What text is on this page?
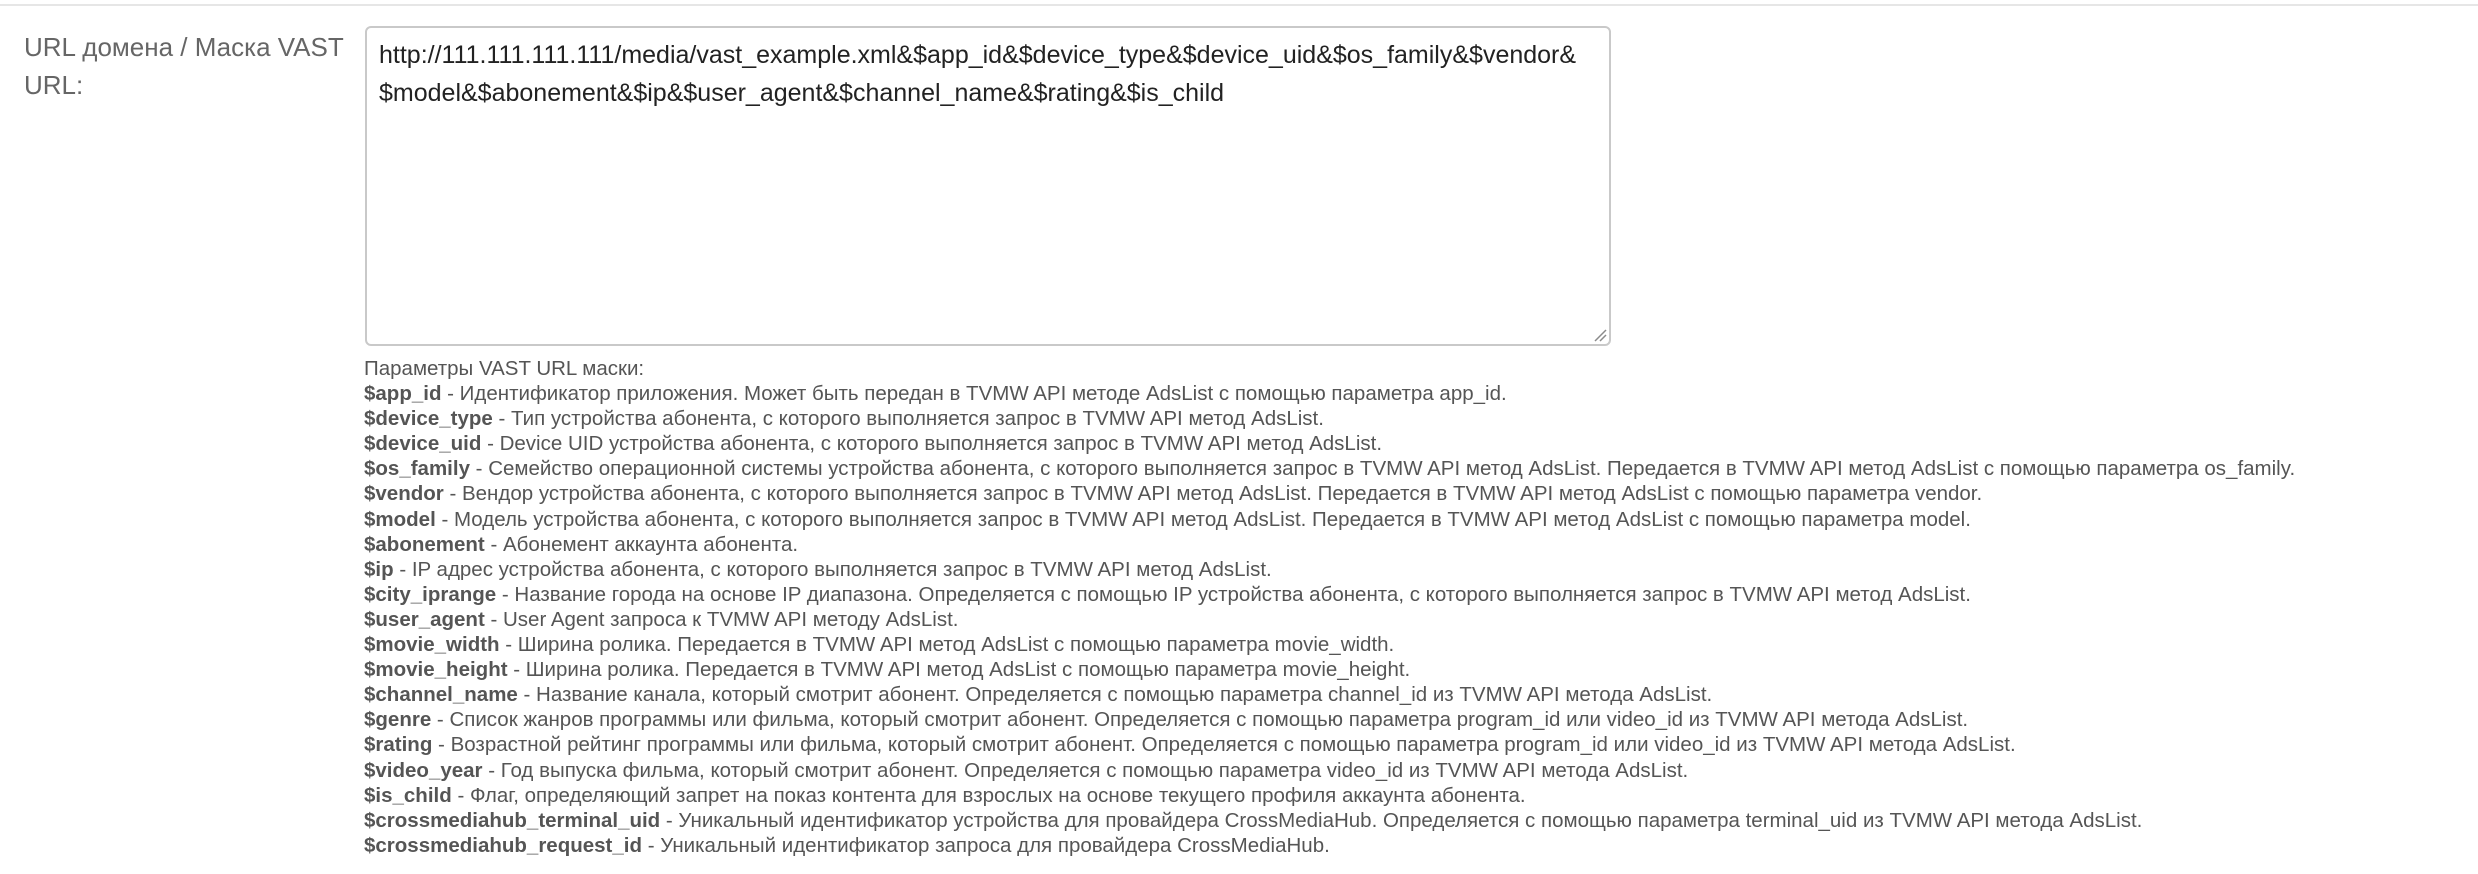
URL домена / Маска VAST URL:
http://111.111.111.111/media/vast_example.xml&$app_id&$device_type&$device_uid&$os_family&$vendor&$model&$abonement&$ip&$user_agent&$channel_name&$rating&$is_child
Параметры VAST URL маски:
$app_id - Идентификатор приложения. Может быть передан в TVMW API методе AdsList с помощью параметра app_id.
$device_type - Тип устройства абонента, с которого выполняется запрос в TVMW API метод AdsList.
$device_uid - Device UID устройства абонента, с которого выполняется запрос в TVMW API метод AdsList.
$os_family - Семейство операционной системы устройства абонента, с которого выполняется запрос в TVMW API метод AdsList. Передается в TVMW API метод AdsList с помощью параметра os_family.
$vendor - Вендор устройства абонента, с которого выполняется запрос в TVMW API метод AdsList. Передается в TVMW API метод AdsList с помощью параметра vendor.
$model - Модель устройства абонента, с которого выполняется запрос в TVMW API метод AdsList. Передается в TVMW API метод AdsList с помощью параметра model.
$abonement - Абонемент аккаунта абонента.
$ip - IP адрес устройства абонента, с которого выполняется запрос в TVMW API метод AdsList.
$city_iprange - Название города на основе IP диапазона. Определяется с помощью IP устройства абонента, с которого выполняется запрос в TVMW API метод AdsList.
$user_agent - User Agent запроса к TVMW API методу AdsList.
$movie_width - Ширина ролика. Передается в TVMW API метод AdsList с помощью параметра movie_width.
$movie_height - Ширина ролика. Передается в TVMW API метод AdsList с помощью параметра movie_height.
$channel_name - Название канала, который смотрит абонент. Определяется с помощью параметра channel_id из TVMW API метода AdsList.
$genre - Список жанров программы или фильма, который смотрит абонент. Определяется с помощью параметра program_id или video_id из TVMW API метода AdsList.
$rating - Возрастной рейтинг программы или фильма, который смотрит абонент. Определяется с помощью параметра program_id или video_id из TVMW API метода AdsList.
$video_year - Год выпуска фильма, который смотрит абонент. Определяется с помощью параметра video_id из TVMW API метода AdsList.
$is_child - Флаг, определяющий запрет на показ контента для взрослых на основе текущего профиля аккаунта абонента.
$crossmediahub_terminal_uid - Уникальный идентификатор устройства для провайдера CrossMediaHub. Определяется с помощью параметра terminal_uid из TVMW API метода AdsList.
$crossmediahub_request_id - Уникальный идентификатор запроса для провайдера CrossMediaHub.
